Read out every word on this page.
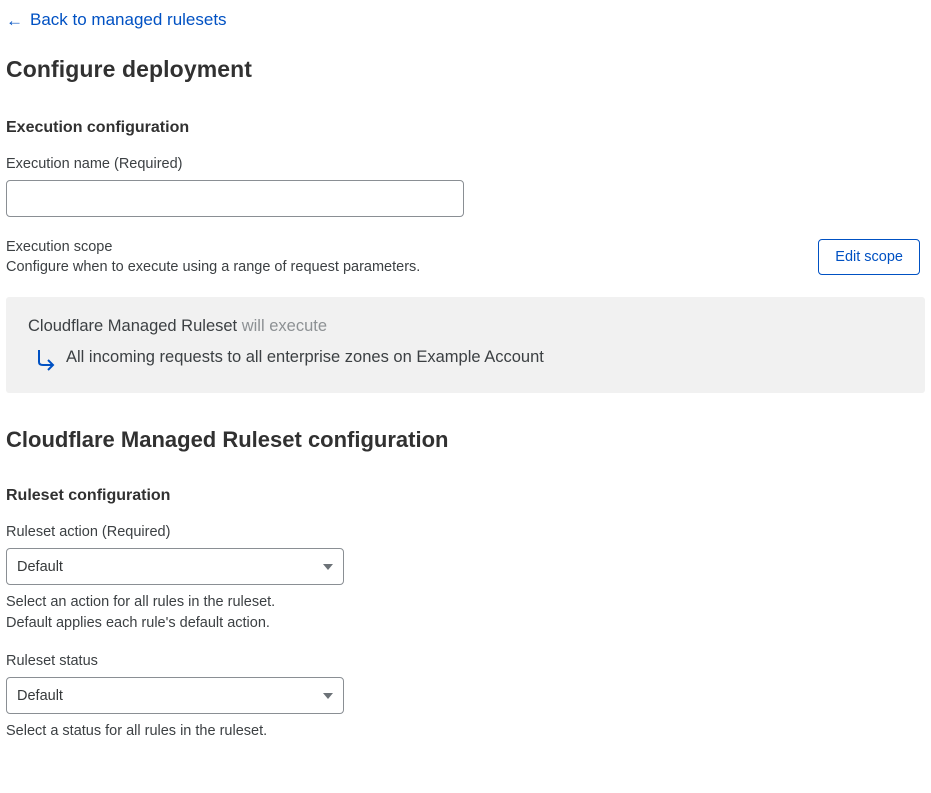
← Back to managed rulesets
Configure deployment
Execution configuration
Execution name (Required)
Execution scope
Configure when to execute using a range of request parameters.
Edit scope
Cloudflare Managed Ruleset will execute
All incoming requests to all enterprise zones on Example Account
Cloudflare Managed Ruleset configuration
Ruleset configuration
Ruleset action (Required)
Default
Select an action for all rules in the ruleset.
Default applies each rule's default action.
Ruleset status
Default
Select a status for all rules in the ruleset.
